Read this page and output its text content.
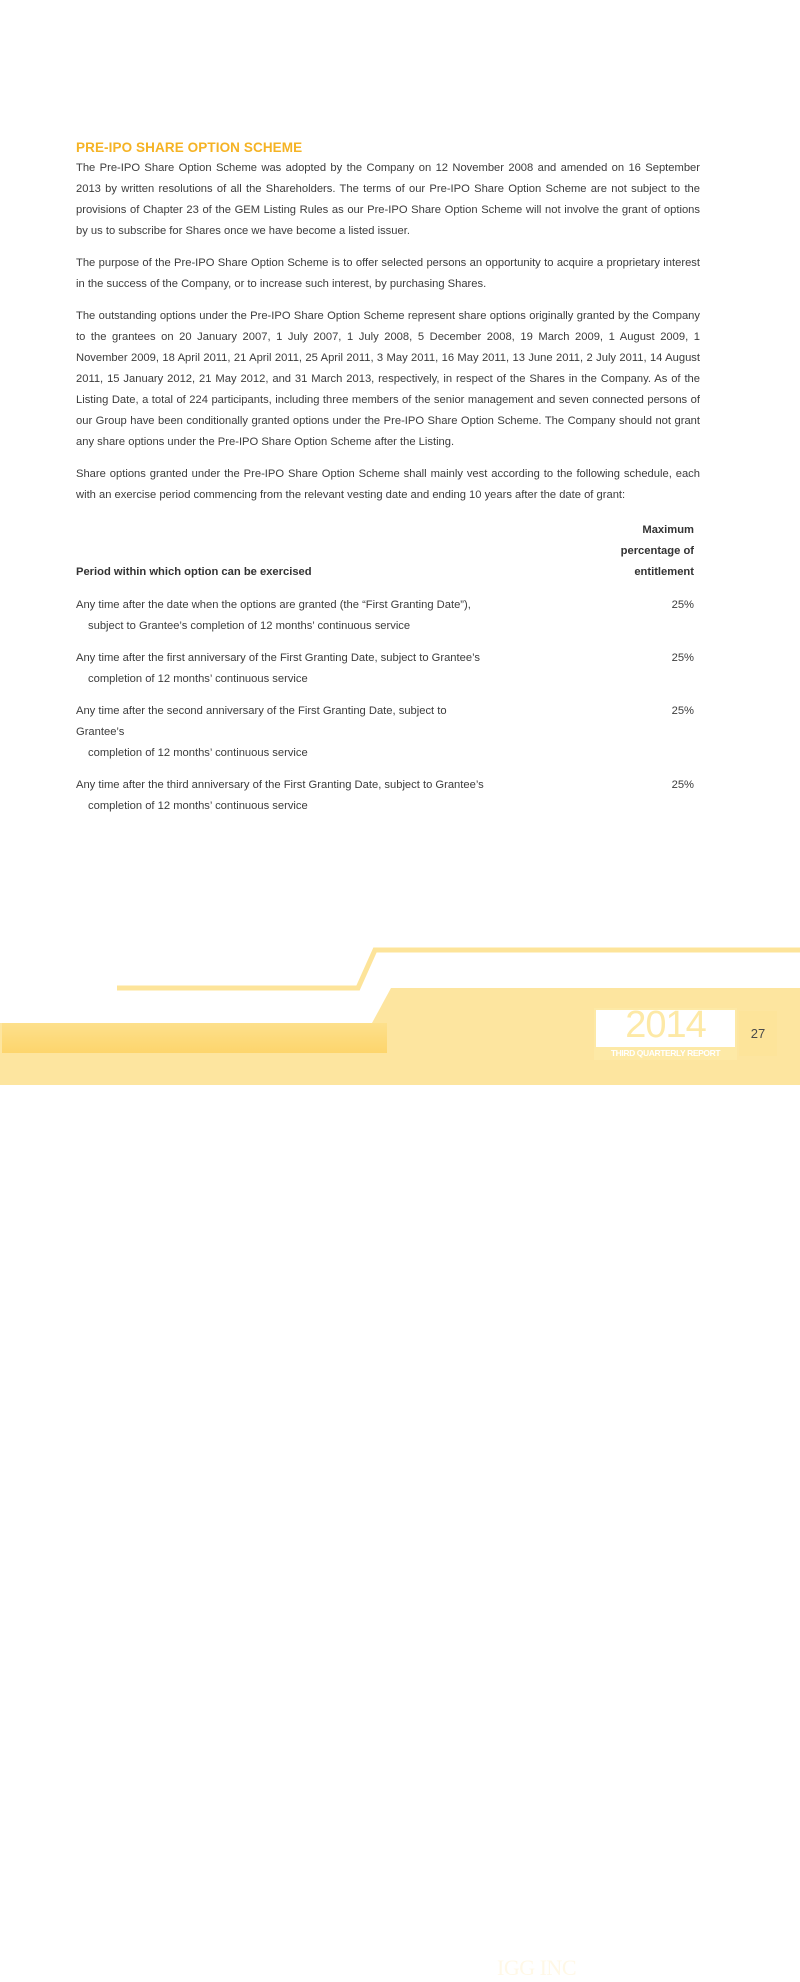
PRE-IPO SHARE OPTION SCHEME

The Pre-IPO Share Option Scheme was adopted by the Company on 12 November 2008 and amended on 16 September 2013 by written resolutions of all the Shareholders. The terms of our Pre-IPO Share Option Scheme are not subject to the provisions of Chapter 23 of the GEM Listing Rules as our Pre-IPO Share Option Scheme will not involve the grant of options by us to subscribe for Shares once we have become a listed issuer.

The purpose of the Pre-IPO Share Option Scheme is to offer selected persons an opportunity to acquire a proprietary interest in the success of the Company, or to increase such interest, by purchasing Shares.

The outstanding options under the Pre-IPO Share Option Scheme represent share options originally granted by the Company to the grantees on 20 January 2007, 1 July 2007, 1 July 2008, 5 December 2008, 19 March 2009, 1 August 2009, 1 November 2009, 18 April 2011, 21 April 2011, 25 April 2011, 3 May 2011, 16 May 2011, 13 June 2011, 2 July 2011, 14 August 2011, 15 January 2012, 21 May 2012, and 31 March 2013, respectively, in respect of the Shares in the Company. As of the Listing Date, a total of 224 participants, including three members of the senior management and seven connected persons of our Group have been conditionally granted options under the Pre-IPO Share Option Scheme. The Company should not grant any share options under the Pre-IPO Share Option Scheme after the Listing.

Share options granted under the Pre-IPO Share Option Scheme shall mainly vest according to the following schedule, each with an exercise period commencing from the relevant vesting date and ending 10 years after the date of grant:

Period within which option can be exercised
Maximum
percentage of
entitlement
Any time after the date when the options are granted (the “First Granting Date”),
subject to Grantee’s completion of 12 months’ continuous service
25%
Any time after the first anniversary of the First Granting Date, subject to Grantee’s
completion of 12 months’ continuous service
25%
Any time after the second anniversary of the First Granting Date, subject to Grantee’s
completion of 12 months’ continuous service
25%
Any time after the third anniversary of the First Granting Date, subject to Grantee’s
completion of 12 months’ continuous service
25%
IGG INC
2014
THIRD QUARTERLY REPORT
27
